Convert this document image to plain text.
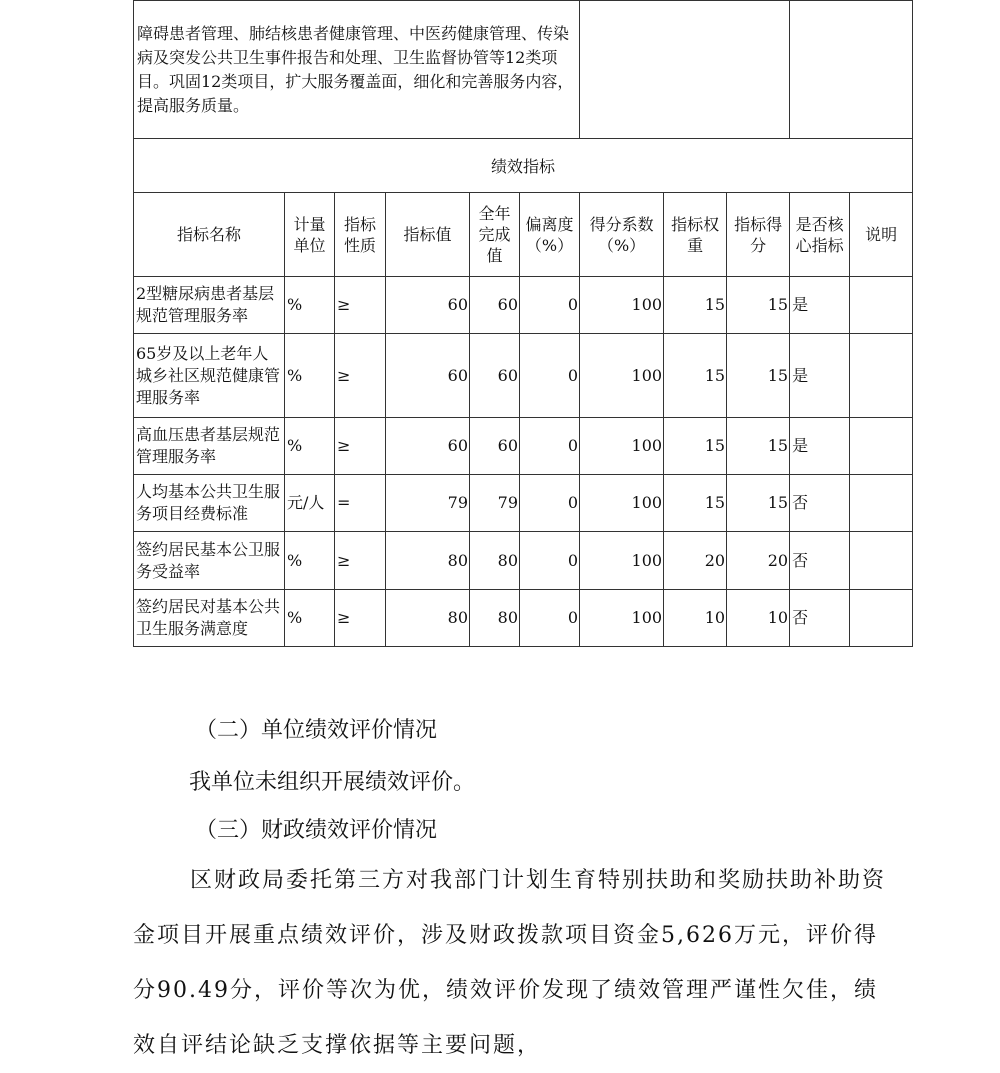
障碍患者管理、肺结核患者健康管理、中医药健康管理、传染病及突发公共卫生事件报告和处理、卫生监督协管等12类项目。巩固12类项目，扩大服务覆盖面，细化和完善服务内容，提高服务质量。										
绩效指标										
指标名称	计量单位	指标性质	指标值	全年完成值	偏离度（%）	得分系数（%）	指标权重	指标得分	是否核心指标	说明
2型糖尿病患者基层规范管理服务率	%	≥	60	60	0	100	15	15	是	
65岁及以上老年人城乡社区规范健康管理服务率	%	≥	60	60	0	100	15	15	是	
高血压患者基层规范管理服务率	%	≥	60	60	0	100	15	15	是	
人均基本公共卫生服务项目经费标准	元/人	=	79	79	0	100	15	15	否	
签约居民基本公卫服务受益率	%	≥	80	80	0	100	20	20	否	
签约居民对基本公共卫生服务满意度	%	≥	80	80	0	100	10	10	否	

（二）单位绩效评价情况

我单位未组织开展绩效评价。

（三）财政绩效评价情况

区财政局委托第三方对我部门计划生育特别扶助和奖励扶助补助资金项目开展重点绩效评价，涉及财政拨款项目资金5,626万元，评价得分90.49分，评价等次为优，绩效评价发现了绩效管理严谨性欠佳，绩效自评结论缺乏支撑依据等主要问题，
